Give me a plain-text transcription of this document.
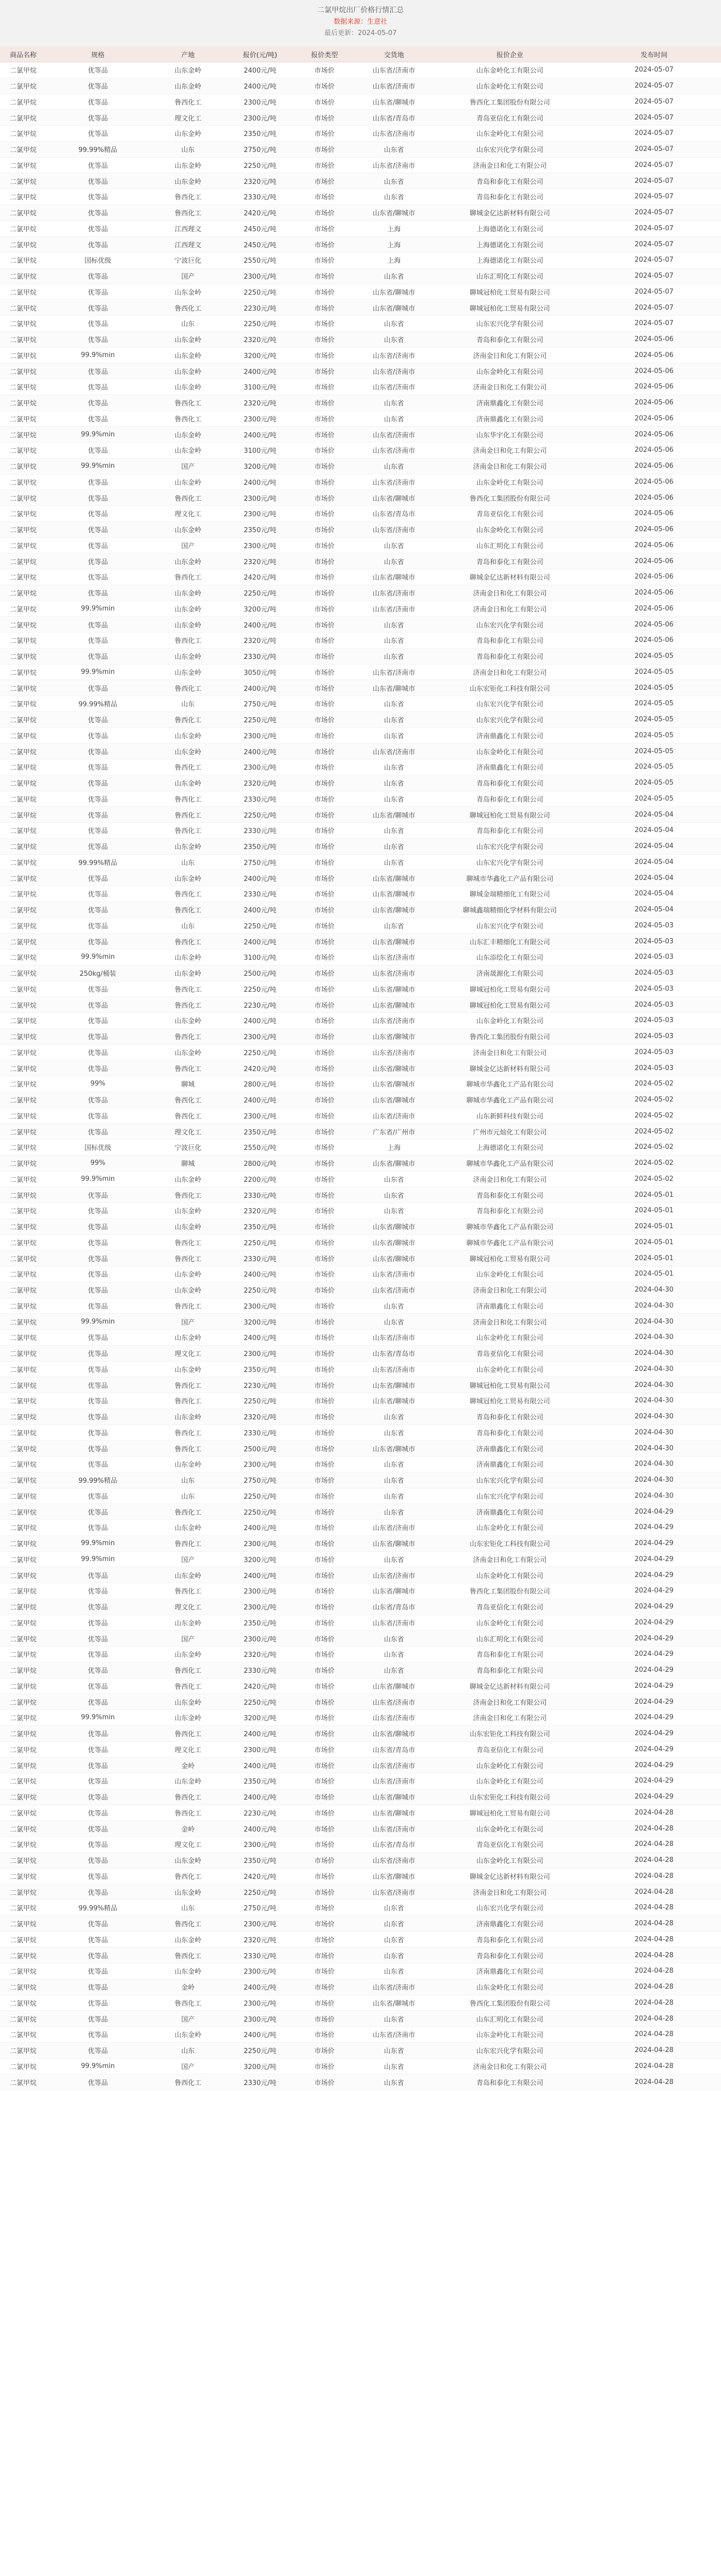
二氯甲烷出厂价格行情汇总
数据来源：生意社
最后更新：2024-05-07
商品名称	规格	产地	报价(元/吨)	报价类型	交货地	报价企业	发布时间
二氯甲烷	优等品	山东金岭	2400元/吨	市场价	山东省/济南市	山东金岭化工有限公司	2024-05-07
二氯甲烷	优等品	山东金岭	2400元/吨	市场价	山东省/济南市	山东金岭化工有限公司	2024-05-07
二氯甲烷	优等品	鲁西化工	2300元/吨	市场价	山东省/聊城市	鲁西化工集团股份有限公司	2024-05-07
二氯甲烷	优等品	理文化工	2300元/吨	市场价	山东省/青岛市	青岛亚信化工有限公司	2024-05-07
二氯甲烷	优等品	山东金岭	2350元/吨	市场价	山东省/济南市	山东金岭化工有限公司	2024-05-07
二氯甲烷	99.99%精品	山东	2750元/吨	市场价	山东省	山东宏兴化学有限公司	2024-05-07
二氯甲烷	优等品	山东金岭	2250元/吨	市场价	山东省/济南市	济南金日和化工有限公司	2024-05-07
二氯甲烷	优等品	山东金岭	2320元/吨	市场价	山东省	青岛和泰化工有限公司	2024-05-07
二氯甲烷	优等品	鲁西化工	2330元/吨	市场价	山东省	青岛和泰化工有限公司	2024-05-07
二氯甲烷	优等品	鲁西化工	2420元/吨	市场价	山东省/聊城市	聊城金亿达新材料有限公司	2024-05-07
二氯甲烷	优等品	江西理文	2450元/吨	市场价	上海	上海德诺化工有限公司	2024-05-07
二氯甲烷	优等品	江西理文	2450元/吨	市场价	上海	上海德诺化工有限公司	2024-05-07
二氯甲烷	国标优级	宁波巨化	2550元/吨	市场价	上海	上海德诺化工有限公司	2024-05-07
二氯甲烷	优等品	国产	2300元/吨	市场价	山东省	山东汇明化工有限公司	2024-05-07
二氯甲烷	优等品	山东金岭	2250元/吨	市场价	山东省/聊城市	聊城冠柏化工贸易有限公司	2024-05-07
二氯甲烷	优等品	鲁西化工	2230元/吨	市场价	山东省/聊城市	聊城冠柏化工贸易有限公司	2024-05-07
二氯甲烷	优等品	山东	2250元/吨	市场价	山东省	山东宏兴化学有限公司	2024-05-07
二氯甲烷	优等品	山东金岭	2320元/吨	市场价	山东省	青岛和泰化工有限公司	2024-05-06
二氯甲烷	99.9%min	山东金岭	3200元/吨	市场价	山东省/济南市	济南金日和化工有限公司	2024-05-06
二氯甲烷	优等品	山东金岭	2400元/吨	市场价	山东省/济南市	山东金岭化工有限公司	2024-05-06
二氯甲烷	优等品	山东金岭	3100元/吨	市场价	山东省/济南市	济南金日和化工有限公司	2024-05-06
二氯甲烷	优等品	鲁西化工	2320元/吨	市场价	山东省	济南鼎鑫化工有限公司	2024-05-06
二氯甲烷	优等品	鲁西化工	2300元/吨	市场价	山东省	济南鼎鑫化工有限公司	2024-05-06
二氯甲烷	99.9%min	山东金岭	2400元/吨	市场价	山东省/济南市	山东华宇化工有限公司	2024-05-06
二氯甲烷	优等品	山东金岭	3100元/吨	市场价	山东省/济南市	济南金日和化工有限公司	2024-05-06
二氯甲烷	99.9%min	国产	3200元/吨	市场价	山东省	济南金日和化工有限公司	2024-05-06
二氯甲烷	优等品	山东金岭	2400元/吨	市场价	山东省/济南市	山东金岭化工有限公司	2024-05-06
二氯甲烷	优等品	鲁西化工	2300元/吨	市场价	山东省/聊城市	鲁西化工集团股份有限公司	2024-05-06
二氯甲烷	优等品	理文化工	2300元/吨	市场价	山东省/青岛市	青岛亚信化工有限公司	2024-05-06
二氯甲烷	优等品	山东金岭	2350元/吨	市场价	山东省/济南市	山东金岭化工有限公司	2024-05-06
二氯甲烷	优等品	国产	2300元/吨	市场价	山东省	山东汇明化工有限公司	2024-05-06
二氯甲烷	优等品	山东金岭	2320元/吨	市场价	山东省	青岛和泰化工有限公司	2024-05-06
二氯甲烷	优等品	鲁西化工	2420元/吨	市场价	山东省/聊城市	聊城金亿达新材料有限公司	2024-05-06
二氯甲烷	优等品	山东金岭	2250元/吨	市场价	山东省/济南市	济南金日和化工有限公司	2024-05-06
二氯甲烷	99.9%min	山东金岭	3200元/吨	市场价	山东省/济南市	济南金日和化工有限公司	2024-05-06
二氯甲烷	优等品	山东金岭	2400元/吨	市场价	山东省	山东宏兴化学有限公司	2024-05-06
二氯甲烷	优等品	鲁西化工	2320元/吨	市场价	山东省	青岛和泰化工有限公司	2024-05-06
二氯甲烷	优等品	山东金岭	2330元/吨	市场价	山东省	青岛和泰化工有限公司	2024-05-05
二氯甲烷	99.9%min	山东金岭	3050元/吨	市场价	山东省/济南市	济南金日和化工有限公司	2024-05-05
二氯甲烷	优等品	鲁西化工	2400元/吨	市场价	山东省/聊城市	山东宏钜化工科技有限公司	2024-05-05
二氯甲烷	99.99%精品	山东	2750元/吨	市场价	山东省	山东宏兴化学有限公司	2024-05-05
二氯甲烷	优等品	鲁西化工	2250元/吨	市场价	山东省	山东宏兴化学有限公司	2024-05-05
二氯甲烷	优等品	山东金岭	2300元/吨	市场价	山东省	济南鼎鑫化工有限公司	2024-05-05
二氯甲烷	优等品	山东金岭	2400元/吨	市场价	山东省/济南市	山东金岭化工有限公司	2024-05-05
二氯甲烷	优等品	鲁西化工	2300元/吨	市场价	山东省	济南鼎鑫化工有限公司	2024-05-05
二氯甲烷	优等品	山东金岭	2320元/吨	市场价	山东省	青岛和泰化工有限公司	2024-05-05
二氯甲烷	优等品	鲁西化工	2330元/吨	市场价	山东省	青岛和泰化工有限公司	2024-05-05
二氯甲烷	优等品	鲁西化工	2250元/吨	市场价	山东省/聊城市	聊城冠柏化工贸易有限公司	2024-05-04
二氯甲烷	优等品	鲁西化工	2330元/吨	市场价	山东省	青岛和泰化工有限公司	2024-05-04
二氯甲烷	优等品	山东金岭	2350元/吨	市场价	山东省	山东宏兴化学有限公司	2024-05-04
二氯甲烷	99.99%精品	山东	2750元/吨	市场价	山东省	山东宏兴化学有限公司	2024-05-04
二氯甲烷	优等品	山东金岭	2400元/吨	市场价	山东省/聊城市	聊城市华鑫化工产品有限公司	2024-05-04
二氯甲烷	优等品	鲁西化工	2330元/吨	市场价	山东省/聊城市	聊城金瑞精细化工有限公司	2024-05-04
二氯甲烷	优等品	鲁西化工	2400元/吨	市场价	山东省/聊城市	聊城鑫瑞精细化学材料有限公司	2024-05-04
二氯甲烷	优等品	山东	2250元/吨	市场价	山东省	山东宏兴化学有限公司	2024-05-03
二氯甲烷	优等品	鲁西化工	2400元/吨	市场价	山东省/聊城市	山东汇丰精细化工有限公司	2024-05-03
二氯甲烷	99.9%min	山东金岭	3100元/吨	市场价	山东省/济南市	山东添绘化工有限公司	2024-05-03
二氯甲烷	250kg/桶装	山东金岭	2500元/吨	市场价	山东省/济南市	济南晟源化工有限公司	2024-05-03
二氯甲烷	优等品	鲁西化工	2250元/吨	市场价	山东省/聊城市	聊城冠柏化工贸易有限公司	2024-05-03
二氯甲烷	优等品	鲁西化工	2230元/吨	市场价	山东省/聊城市	聊城冠柏化工贸易有限公司	2024-05-03
二氯甲烷	优等品	山东金岭	2400元/吨	市场价	山东省/济南市	山东金岭化工有限公司	2024-05-03
二氯甲烷	优等品	鲁西化工	2300元/吨	市场价	山东省/聊城市	鲁西化工集团股份有限公司	2024-05-03
二氯甲烷	优等品	山东金岭	2250元/吨	市场价	山东省/济南市	济南金日和化工有限公司	2024-05-03
二氯甲烷	优等品	鲁西化工	2420元/吨	市场价	山东省/聊城市	聊城金亿达新材料有限公司	2024-05-03
二氯甲烷	99%	聊城	2800元/吨	市场价	山东省/聊城市	聊城市华鑫化工产品有限公司	2024-05-02
二氯甲烷	优等品	鲁西化工	2400元/吨	市场价	山东省/聊城市	聊城市华鑫化工产品有限公司	2024-05-02
二氯甲烷	优等品	鲁西化工	2300元/吨	市场价	山东省/济南市	山东新鲜科技有限公司	2024-05-02
二氯甲烷	优等品	理文化工	2350元/吨	市场价	广东省/广州市	广州市元灿化工有限公司	2024-05-02
二氯甲烷	国标优级	宁波巨化	2550元/吨	市场价	上海	上海德诺化工有限公司	2024-05-02
二氯甲烷	99%	聊城	2800元/吨	市场价	山东省/聊城市	聊城市华鑫化工产品有限公司	2024-05-02
二氯甲烷	99.9%min	山东金岭	2200元/吨	市场价	山东省	济南金日和化工有限公司	2024-05-02
二氯甲烷	优等品	鲁西化工	2330元/吨	市场价	山东省	青岛和泰化工有限公司	2024-05-01
二氯甲烷	优等品	山东金岭	2320元/吨	市场价	山东省	青岛和泰化工有限公司	2024-05-01
二氯甲烷	优等品	山东金岭	2350元/吨	市场价	山东省/聊城市	聊城市华鑫化工产品有限公司	2024-05-01
二氯甲烷	优等品	鲁西化工	2250元/吨	市场价	山东省/聊城市	聊城市华鑫化工产品有限公司	2024-05-01
二氯甲烷	优等品	鲁西化工	2330元/吨	市场价	山东省/聊城市	聊城冠柏化工贸易有限公司	2024-05-01
二氯甲烷	优等品	山东金岭	2400元/吨	市场价	山东省/济南市	山东金岭化工有限公司	2024-05-01
二氯甲烷	优等品	山东金岭	2250元/吨	市场价	山东省/济南市	济南金日和化工有限公司	2024-04-30
二氯甲烷	优等品	鲁西化工	2300元/吨	市场价	山东省	济南鼎鑫化工有限公司	2024-04-30
二氯甲烷	99.9%min	国产	3200元/吨	市场价	山东省	济南金日和化工有限公司	2024-04-30
二氯甲烷	优等品	山东金岭	2400元/吨	市场价	山东省/济南市	山东金岭化工有限公司	2024-04-30
二氯甲烷	优等品	理文化工	2300元/吨	市场价	山东省/青岛市	青岛亚信化工有限公司	2024-04-30
二氯甲烷	优等品	山东金岭	2350元/吨	市场价	山东省/济南市	山东金岭化工有限公司	2024-04-30
二氯甲烷	优等品	鲁西化工	2230元/吨	市场价	山东省/聊城市	聊城冠柏化工贸易有限公司	2024-04-30
二氯甲烷	优等品	鲁西化工	2250元/吨	市场价	山东省/聊城市	聊城冠柏化工贸易有限公司	2024-04-30
二氯甲烷	优等品	山东金岭	2320元/吨	市场价	山东省	青岛和泰化工有限公司	2024-04-30
二氯甲烷	优等品	鲁西化工	2330元/吨	市场价	山东省	青岛和泰化工有限公司	2024-04-30
二氯甲烷	优等品	鲁西化工	2500元/吨	市场价	山东省/聊城市	济南鼎鑫化工有限公司	2024-04-30
二氯甲烷	优等品	山东金岭	2300元/吨	市场价	山东省	济南鼎鑫化工有限公司	2024-04-30
二氯甲烷	99.99%精品	山东	2750元/吨	市场价	山东省	山东宏兴化学有限公司	2024-04-30
二氯甲烷	优等品	山东	2250元/吨	市场价	山东省	山东宏兴化学有限公司	2024-04-30
二氯甲烷	优等品	鲁西化工	2250元/吨	市场价	山东省	济南鼎鑫化工有限公司	2024-04-29
二氯甲烷	优等品	山东金岭	2400元/吨	市场价	山东省/济南市	山东金岭化工有限公司	2024-04-29
二氯甲烷	99.9%min	鲁西化工	2300元/吨	市场价	山东省/聊城市	山东宏钜化工科技有限公司	2024-04-29
二氯甲烷	99.9%min	国产	3200元/吨	市场价	山东省	济南金日和化工有限公司	2024-04-29
二氯甲烷	优等品	山东金岭	2400元/吨	市场价	山东省/济南市	山东金岭化工有限公司	2024-04-29
二氯甲烷	优等品	鲁西化工	2300元/吨	市场价	山东省/聊城市	鲁西化工集团股份有限公司	2024-04-29
二氯甲烷	优等品	理文化工	2300元/吨	市场价	山东省/青岛市	青岛亚信化工有限公司	2024-04-29
二氯甲烷	优等品	山东金岭	2350元/吨	市场价	山东省/济南市	山东金岭化工有限公司	2024-04-29
二氯甲烷	优等品	国产	2300元/吨	市场价	山东省	山东汇明化工有限公司	2024-04-29
二氯甲烷	优等品	山东金岭	2320元/吨	市场价	山东省	青岛和泰化工有限公司	2024-04-29
二氯甲烷	优等品	鲁西化工	2330元/吨	市场价	山东省	青岛和泰化工有限公司	2024-04-29
二氯甲烷	优等品	鲁西化工	2420元/吨	市场价	山东省/聊城市	聊城金亿达新材料有限公司	2024-04-29
二氯甲烷	优等品	山东金岭	2250元/吨	市场价	山东省/济南市	济南金日和化工有限公司	2024-04-29
二氯甲烷	99.9%min	山东金岭	3200元/吨	市场价	山东省/济南市	济南金日和化工有限公司	2024-04-29
二氯甲烷	优等品	鲁西化工	2400元/吨	市场价	山东省/聊城市	山东宏钜化工科技有限公司	2024-04-29
二氯甲烷	优等品	理文化工	2300元/吨	市场价	山东省/青岛市	青岛亚信化工有限公司	2024-04-29
二氯甲烷	优等品	金岭	2400元/吨	市场价	山东省/济南市	山东金岭化工有限公司	2024-04-29
二氯甲烷	优等品	山东金岭	2350元/吨	市场价	山东省/济南市	山东金岭化工有限公司	2024-04-29
二氯甲烷	优等品	鲁西化工	2400元/吨	市场价	山东省/聊城市	山东宏钜化工科技有限公司	2024-04-29
二氯甲烷	优等品	鲁西化工	2230元/吨	市场价	山东省/聊城市	聊城冠柏化工贸易有限公司	2024-04-28
二氯甲烷	优等品	金岭	2400元/吨	市场价	山东省/济南市	山东金岭化工有限公司	2024-04-28
二氯甲烷	优等品	理文化工	2300元/吨	市场价	山东省/青岛市	青岛亚信化工有限公司	2024-04-28
二氯甲烷	优等品	山东金岭	2350元/吨	市场价	山东省/济南市	山东金岭化工有限公司	2024-04-28
二氯甲烷	优等品	鲁西化工	2420元/吨	市场价	山东省/聊城市	聊城金亿达新材料有限公司	2024-04-28
二氯甲烷	优等品	山东金岭	2250元/吨	市场价	山东省/济南市	济南金日和化工有限公司	2024-04-28
二氯甲烷	99.99%精品	山东	2750元/吨	市场价	山东省	山东宏兴化学有限公司	2024-04-28
二氯甲烷	优等品	鲁西化工	2300元/吨	市场价	山东省	济南鼎鑫化工有限公司	2024-04-28
二氯甲烷	优等品	山东金岭	2320元/吨	市场价	山东省	青岛和泰化工有限公司	2024-04-28
二氯甲烷	优等品	鲁西化工	2330元/吨	市场价	山东省	青岛和泰化工有限公司	2024-04-28
二氯甲烷	优等品	山东金岭	2300元/吨	市场价	山东省	济南鼎鑫化工有限公司	2024-04-28
二氯甲烷	优等品	金岭	2400元/吨	市场价	山东省/济南市	山东金岭化工有限公司	2024-04-28
二氯甲烷	优等品	鲁西化工	2300元/吨	市场价	山东省/聊城市	鲁西化工集团股份有限公司	2024-04-28
二氯甲烷	优等品	国产	2300元/吨	市场价	山东省	山东汇明化工有限公司	2024-04-28
二氯甲烷	优等品	山东金岭	2400元/吨	市场价	山东省/济南市	山东金岭化工有限公司	2024-04-28
二氯甲烷	优等品	山东	2250元/吨	市场价	山东省	山东宏兴化学有限公司	2024-04-28
二氯甲烷	99.9%min	国产	3200元/吨	市场价	山东省	济南金日和化工有限公司	2024-04-28
二氯甲烷	优等品	鲁西化工	2330元/吨	市场价	山东省	青岛和泰化工有限公司	2024-04-28
